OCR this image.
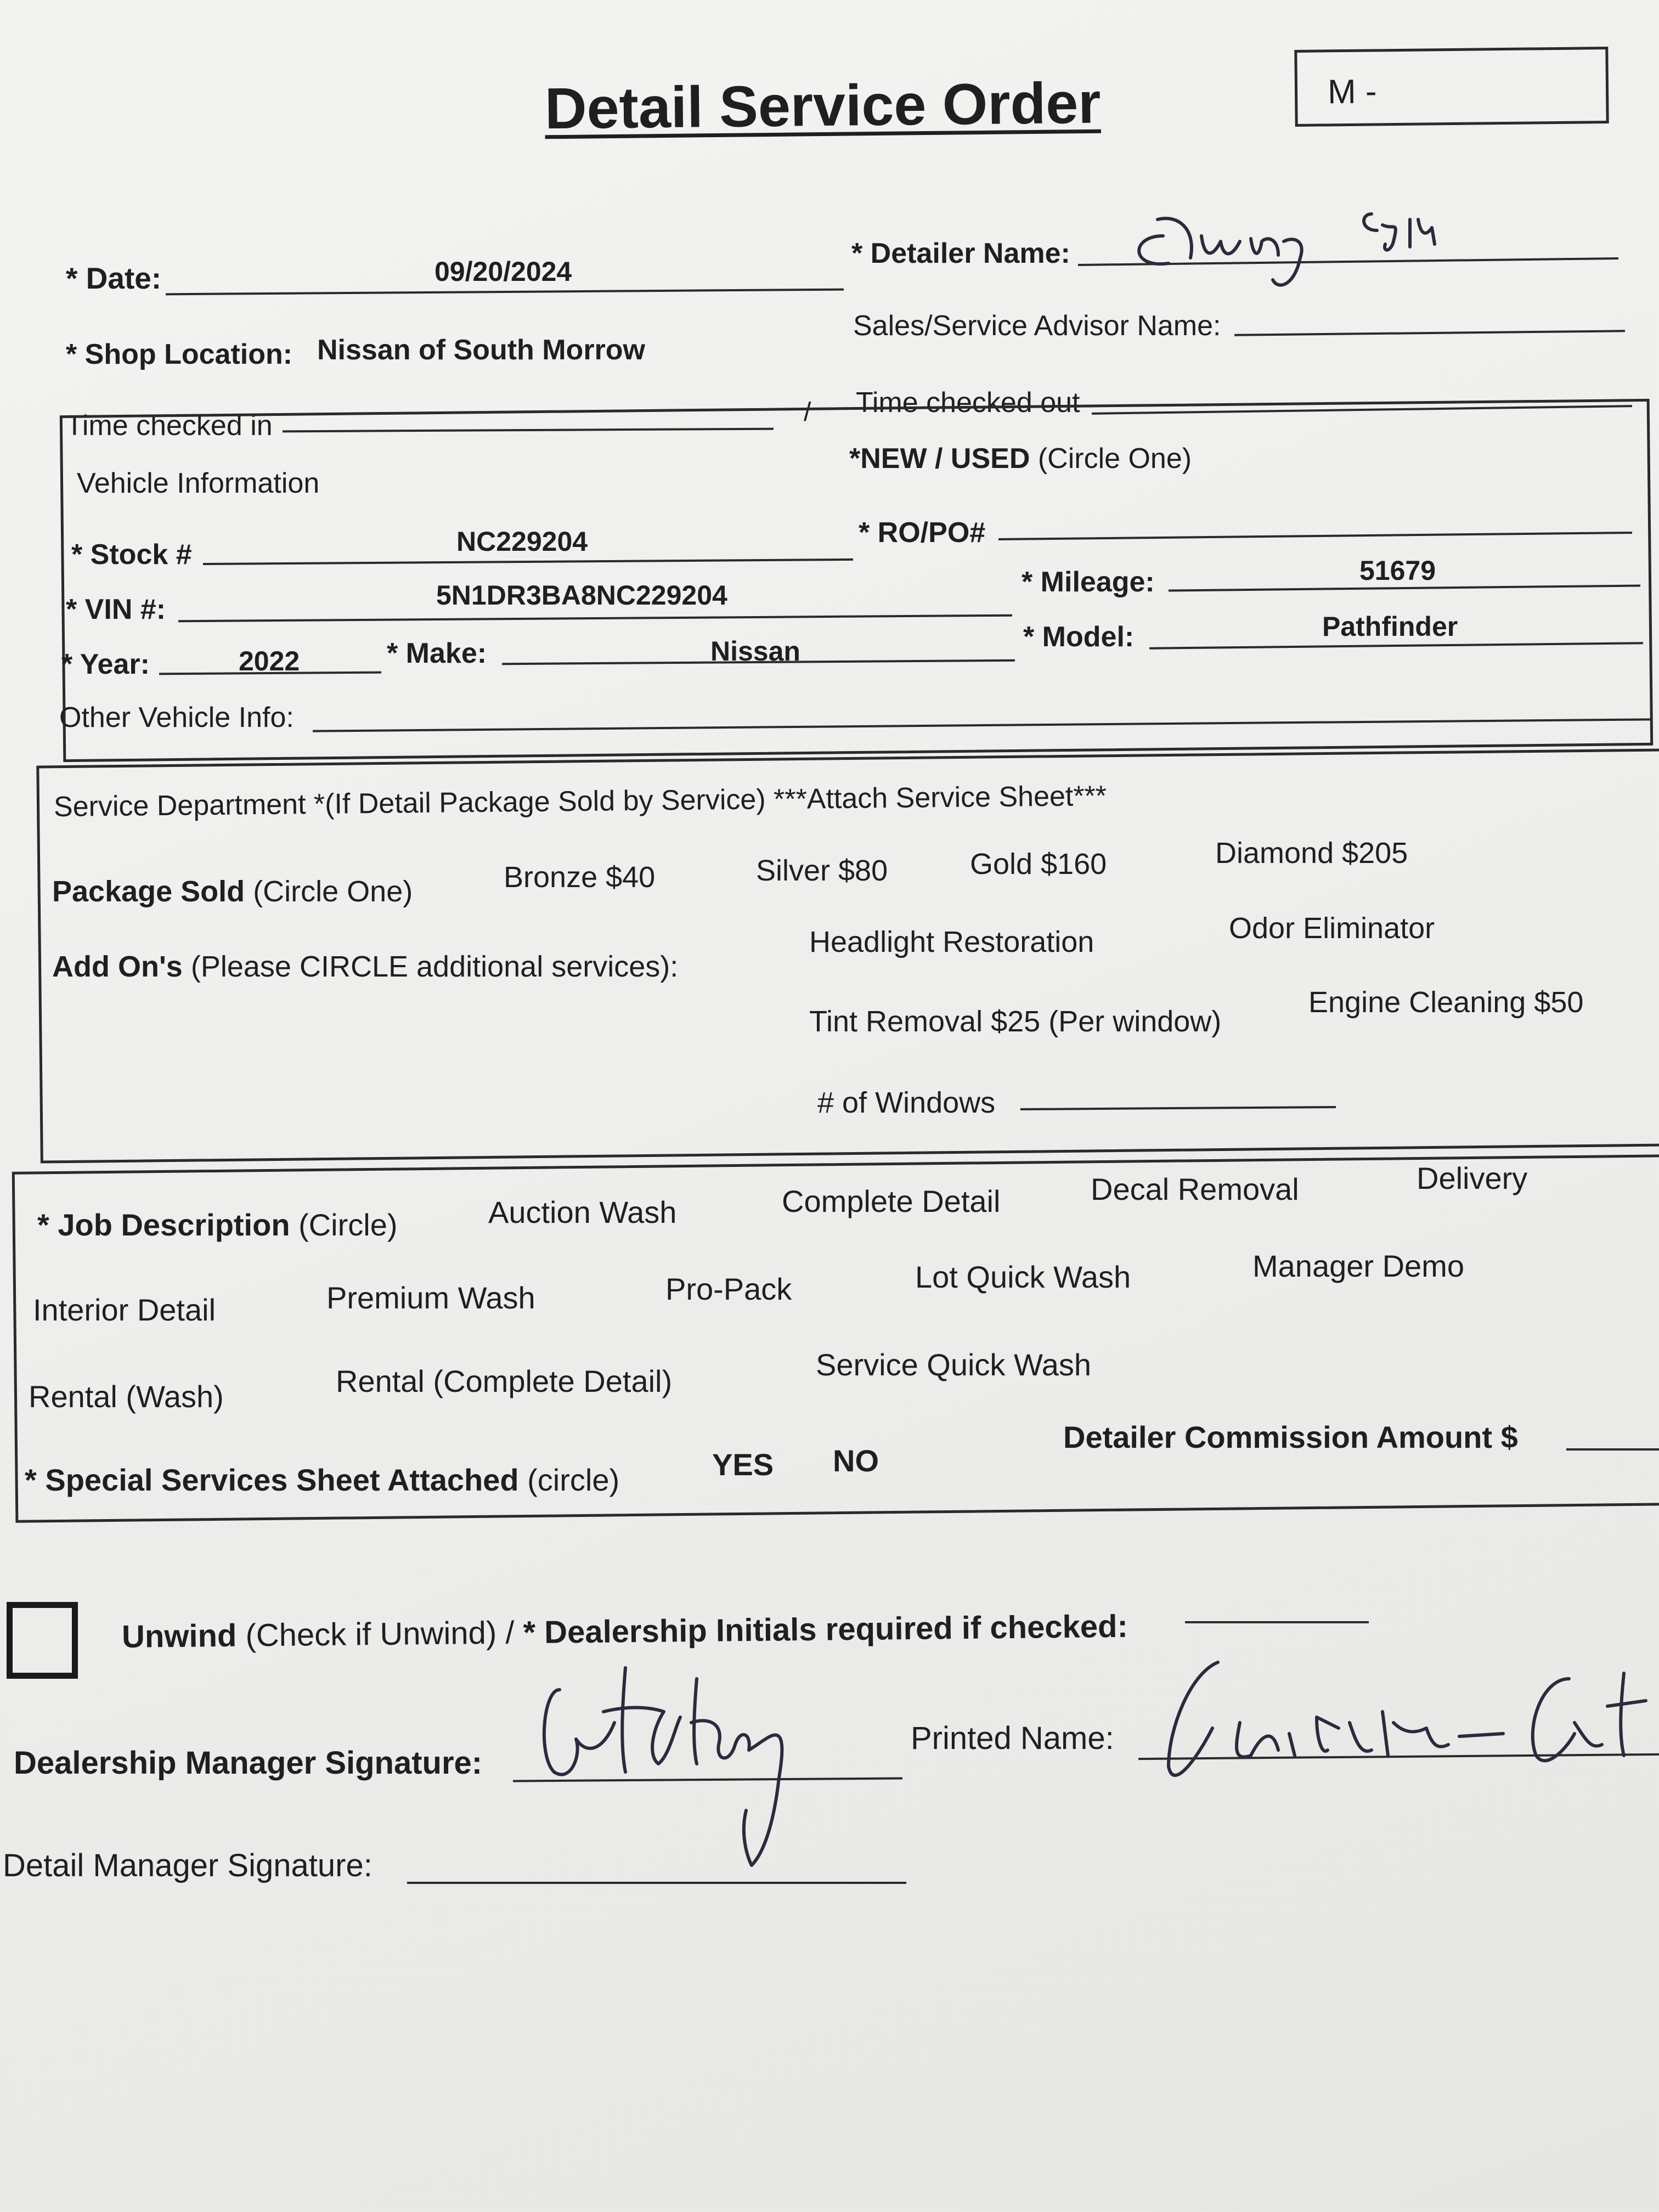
Detail Service Order	M -
* Date:	09/20/2024
* Detailer Name:
* Shop Location: Nissan of South Morrow
Sales/Service Advisor Name:
Time checked in	/ Time checked out
Vehicle Information
*NEW / USED (Circle One)
* Stock #	NC229204	* RO/PO#
* VIN #:	5N1DR3BA8NC229204	* Mileage:	51679
* Year:	2022	* Make:	Nissan	* Model:	Pathfinder
Other Vehicle Info:
Service Department *(If Detail Package Sold by Service) ***Attach Service Sheet***
Package Sold (Circle One)	Bronze $40	Silver $80	Gold $160	Diamond $205
Add On's (Please CIRCLE additional services):
Headlight Restoration	Odor Eliminator
Tint Removal $25 (Per window)
Engine Cleaning $50
# of Windows
* Job Description (Circle)	Auction Wash	Complete Detail	Decal Removal	Delivery
Interior Detail	Premium Wash	Pro-Pack	Lot Quick Wash	Manager Demo
Rental (Wash)	Rental (Complete Detail)	Service Quick Wash
* Special Services Sheet Attached (circle)	YES NO
Detailer Commission Amount $
Unwind (Check if Unwind) / * Dealership Initials required if checked:
Dealership Manager Signature:
Printed Name:
Detail Manager Signature:
